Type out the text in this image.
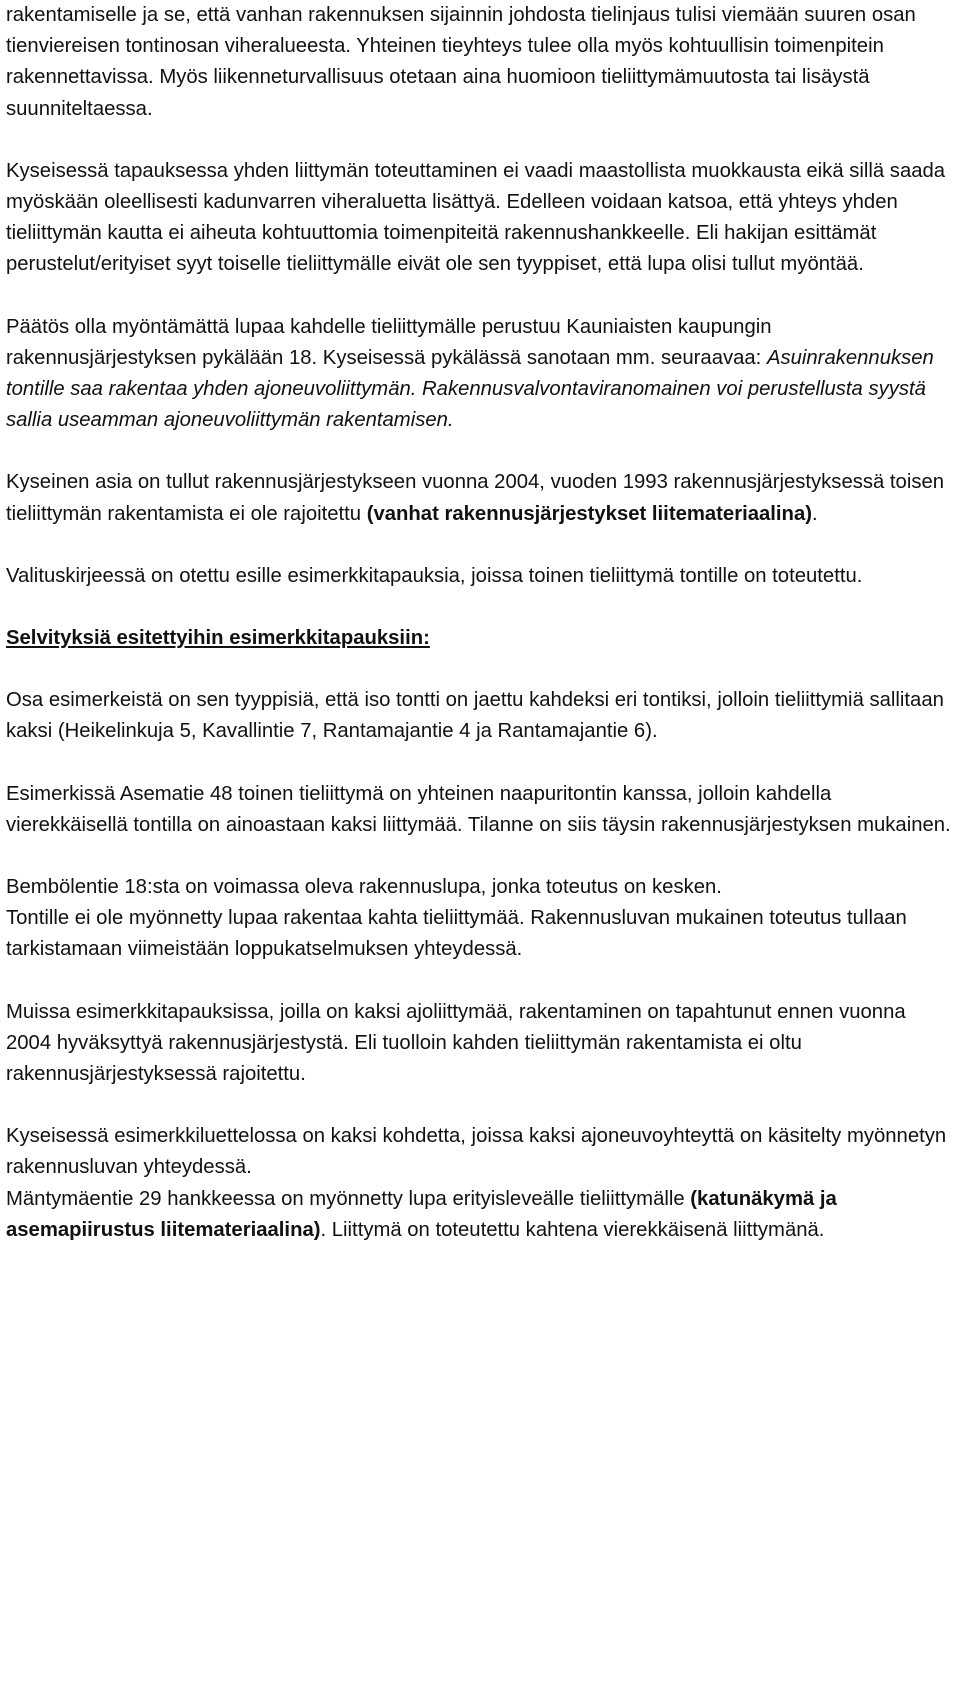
rakentamiselle ja se, että vanhan rakennuksen sijainnin johdosta tielinjaus tulisi viemään suuren osan tienviereisen tontinosan viheralueesta. Yhteinen tieyhteys tulee olla myös kohtuullisin toimenpitein rakennettavissa. Myös liikenneturvallisuus otetaan aina huomioon tieliittymämuutosta tai lisäystä suunniteltaessa.

Kyseisessä tapauksessa yhden liittymän toteuttaminen ei vaadi maastollista muokkausta eikä sillä saada myöskään oleellisesti kadunvarren viheraluetta lisättyä. Edelleen voidaan katsoa, että yhteys yhden tieliittymän kautta ei aiheuta kohtuuttomia toimenpiteitä rakennushankkeelle. Eli hakijan esittämät perustelut/erityiset syyt toiselle tieliittymälle eivät ole sen tyyppiset, että lupa olisi tullut myöntää.

Päätös olla myöntämättä lupaa kahdelle tieliittymälle perustuu Kauniaisten kaupungin rakennusjärjestyksen pykälään 18. Kyseisessä pykälässä sanotaan mm. seuraavaa: Asuinrakennuksen tontille saa rakentaa yhden ajoneuvoliittymän. Rakennusvalvontaviranomainen voi perustellusta syystä sallia useamman ajoneuvoliittymän rakentamisen.

Kyseinen asia on tullut rakennusjärjestykseen vuonna 2004, vuoden 1993 rakennusjärjestyksessä toisen tieliittymän rakentamista ei ole rajoitettu (vanhat rakennusjärjestykset liitemateriaalina).

Valituskirjeessä on otettu esille esimerkkitapauksia, joissa toinen tieliittymä tontille on toteutettu.

Selvityksiä esitettyihin esimerkkitapauksiin:

Osa esimerkeistä on sen tyyppisiä, että iso tontti on jaettu kahdeksi eri tontiksi, jolloin tieliittymiä sallitaan kaksi (Heikelinkuja 5, Kavallintie 7, Rantamajantie 4 ja Rantamajantie 6).

Esimerkissä Asematie 48 toinen tieliittymä on yhteinen naapuritontin kanssa, jolloin kahdella vierekkäisellä tontilla on ainoastaan kaksi liittymää. Tilanne on siis täysin rakennusjärjestyksen mukainen.

Bembölentie 18:sta on voimassa oleva rakennuslupa, jonka toteutus on kesken.

Tontille ei ole myönnetty lupaa rakentaa kahta tieliittymää. Rakennusluvan mukainen toteutus tullaan tarkistamaan viimeistään loppukatselmuksen yhteydessä.

Muissa esimerkkitapauksissa, joilla on kaksi ajoliittymää, rakentaminen on tapahtunut ennen vuonna 2004 hyväksyttyä rakennusjärjestystä. Eli tuolloin kahden tieliittymän rakentamista ei oltu rakennusjärjestyksessä rajoitettu.

Kyseisessä esimerkkiluettelossa on kaksi kohdetta, joissa kaksi ajoneuvoyhteyttä on käsitelty myönnetyn rakennusluvan yhteydessä.

Mäntymäentie 29 hankkeessa on myönnetty lupa erityisleveälle tieliittymälle (katunäkymä ja asemapiirustus liitemateriaalina). Liittymä on toteutettu kahtena vierekkäisenä liittymänä.
